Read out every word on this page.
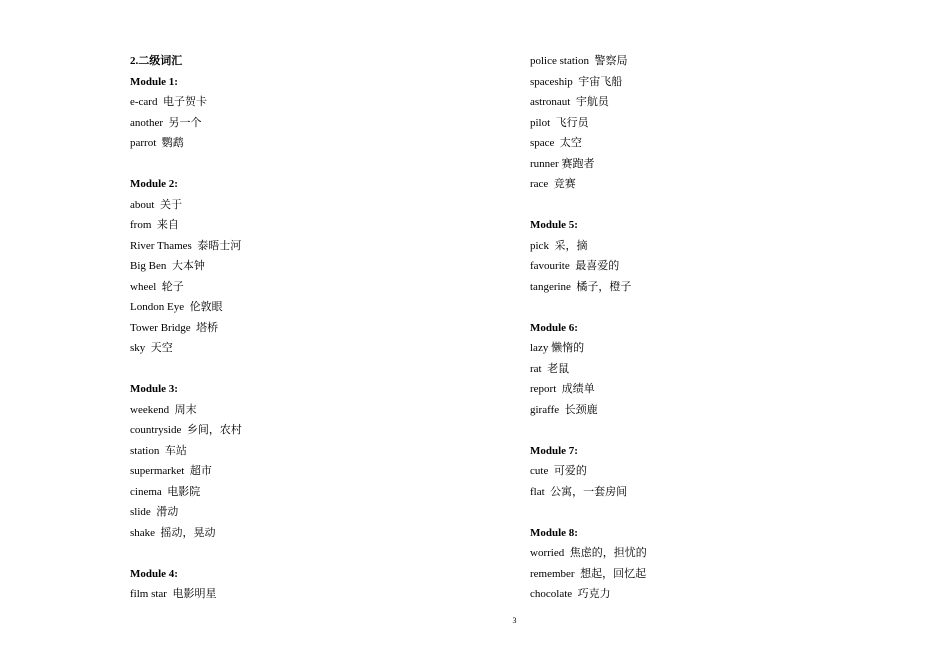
2.二级词汇
Module 1:
e-card  电子贺卡
another  另一个
parrot  鹦鹉
Module 2:
about  关于
from  来自
River Thames  泰晤士河
Big Ben  大本钟
wheel  轮子
London Eye  伦敦眼
Tower Bridge  塔桥
sky  天空
Module 3:
weekend  周末
countryside  乡间，农村
station  车站
supermarket  超市
cinema  电影院
slide  滑动
shake  摇动，晃动
Module 4:
film star  电影明星
police station  警察局
spaceship  宇宙飞船
astronaut  宇航员
pilot  飞行员
space  太空
runner 赛跑者
race  竞赛
Module 5:
pick  采，摘
favourite  最喜爱的
tangerine  橘子，橙子
Module 6:
lazy 懒惰的
rat  老鼠
report  成绩单
giraffe  长颈鹿
Module 7:
cute  可爱的
flat  公寓，一套房间
Module 8:
worried  焦虑的，担忧的
remember  想起，回忆起
chocolate  巧克力
3
